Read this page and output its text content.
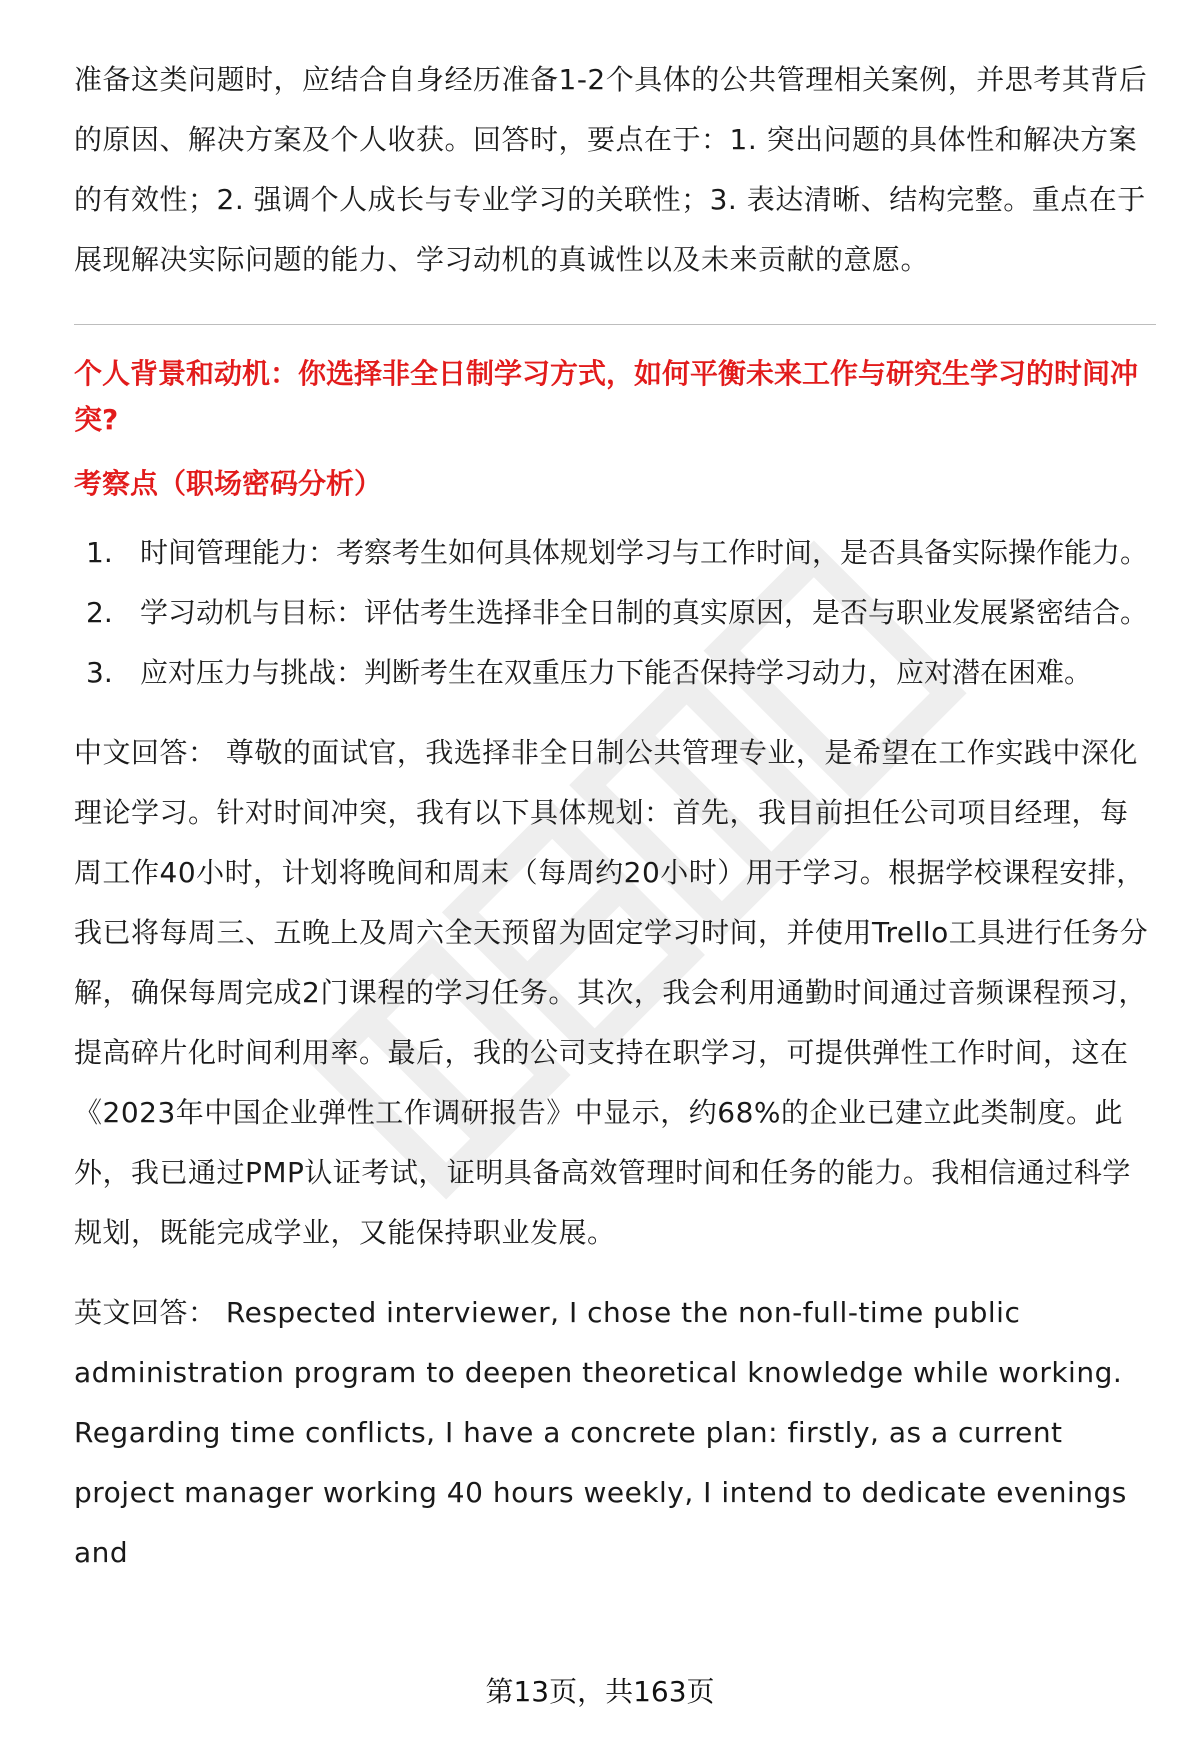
准备这类问题时，应结合自身经历准备1-2个具体的公共管理相关案例，并思考其背后的原因、解决方案及个人收获。回答时，要点在于：1. 突出问题的具体性和解决方案的有效性；2. 强调个人成长与专业学习的关联性；3. 表达清晰、结构完整。重点在于展现解决实际问题的能力、学习动机的真诚性以及未来贡献的意愿。

个人背景和动机：你选择非全日制学习方式，如何平衡未来工作与研究生学习的时间冲突?

考察点（职场密码分析）

1. 时间管理能力：考察考生如何具体规划学习与工作时间，是否具备实际操作能力。
2. 学习动机与目标：评估考生选择非全日制的真实原因，是否与职业发展紧密结合。
3. 应对压力与挑战：判断考生在双重压力下能否保持学习动力，应对潜在困难。

中文回答： 尊敬的面试官，我选择非全日制公共管理专业，是希望在工作实践中深化理论学习。针对时间冲突，我有以下具体规划：首先，我目前担任公司项目经理，每周工作40小时，计划将晚间和周末（每周约20小时）用于学习。根据学校课程安排，我已将每周三、五晚上及周六全天预留为固定学习时间，并使用Trello工具进行任务分解，确保每周完成2门课程的学习任务。其次，我会利用通勤时间通过音频课程预习，提高碎片化时间利用率。最后，我的公司支持在职学习，可提供弹性工作时间，这在《2023年中国企业弹性工作调研报告》中显示，约68%的企业已建立此类制度。此外，我已通过PMP认证考试，证明具备高效管理时间和任务的能力。我相信通过科学规划，既能完成学业，又能保持职业发展。

英文回答： Respected interviewer, I chose the non-full-time public administration program to deepen theoretical knowledge while working. Regarding time conflicts, I have a concrete plan: firstly, as a current project manager working 40 hours weekly, I intend to dedicate evenings and

第13页，共163页
